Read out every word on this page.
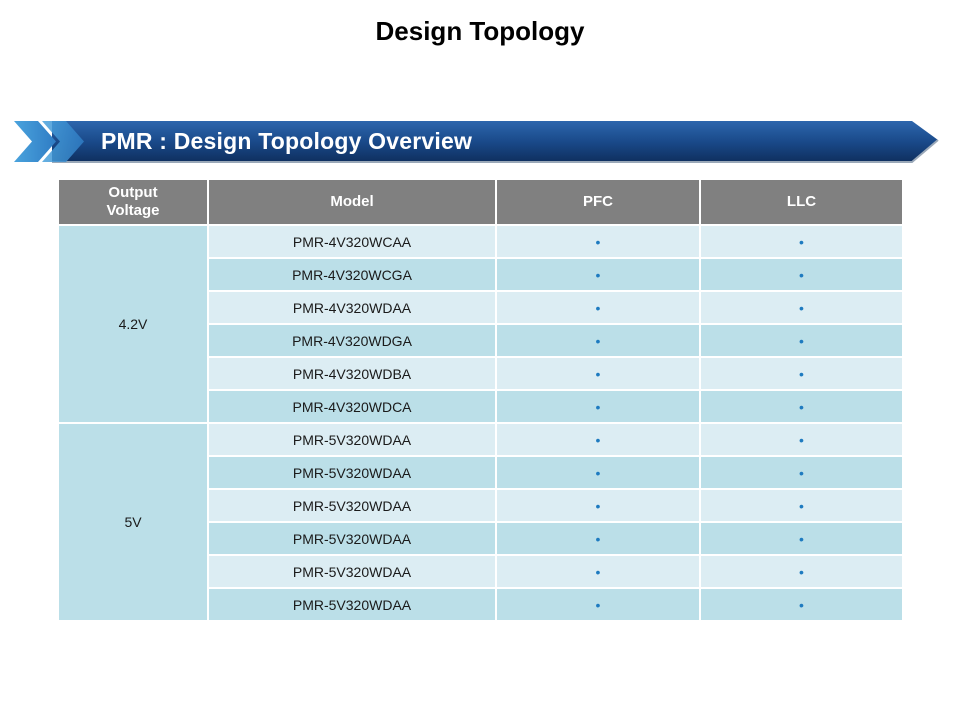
Design Topology
PMR : Design Topology Overview
Output Voltage	Model	PFC	LLC
4.2V	PMR-4V320WCAA	•	•
	PMR-4V320WCGA	•	•
	PMR-4V320WDAA	•	•
	PMR-4V320WDGA	•	•
	PMR-4V320WDBA	•	•
	PMR-4V320WDCA	•	•
5V	PMR-5V320WDAA	•	•
	PMR-5V320WDAA	•	•
	PMR-5V320WDAA	•	•
	PMR-5V320WDAA	•	•
	PMR-5V320WDAA	•	•
	PMR-5V320WDAA	•	•
